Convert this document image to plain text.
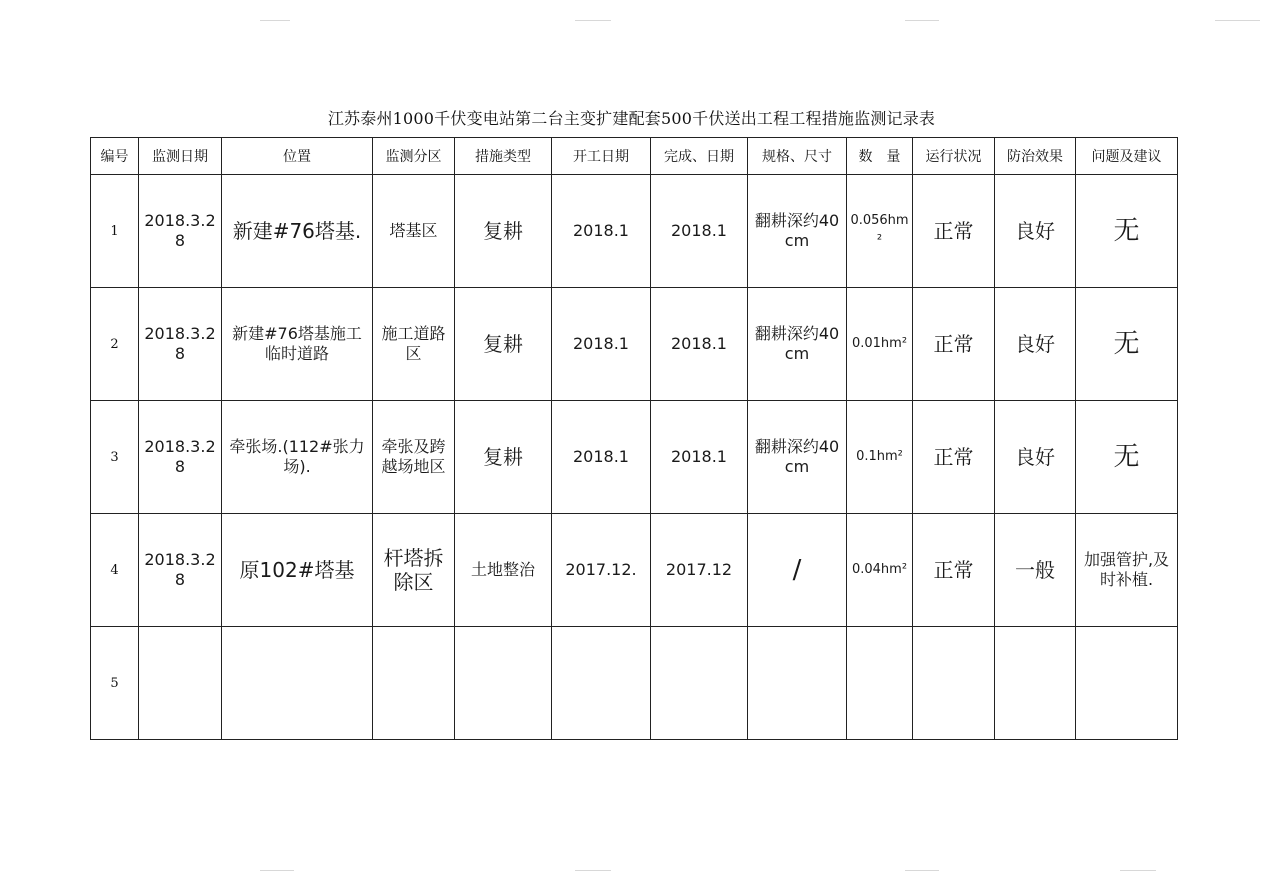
江苏泰州1000千伏变电站第二台主变扩建配套500千伏送出工程工程措施监测记录表
编号	监测日期	位置	监测分区	措施类型	开工日期	完成、日期	规格、尺寸	数　量	运行状况	防治效果	问题及建议
1	2018.3.28	新建#76塔基.	塔基区	复耕	2018.1	2018.1	翻耕深约40cm	0.056hm²	正常	良好	无
2	2018.3.28	新建#76塔基施工临时道路	施工道路区	复耕	2018.1	2018.1	翻耕深约40cm	0.01hm²	正常	良好	无
3	2018.3.28	牵张场.(112#张力场).	牵张及跨越场地区	复耕	2018.1	2018.1	翻耕深约40cm	0.1hm²	正常	良好	无
4	2018.3.28	原102#塔基	杆塔拆除区	土地整治	2017.12.	2017.12	/	0.04hm²	正常	一般	加强管护,及时补植.
5											
